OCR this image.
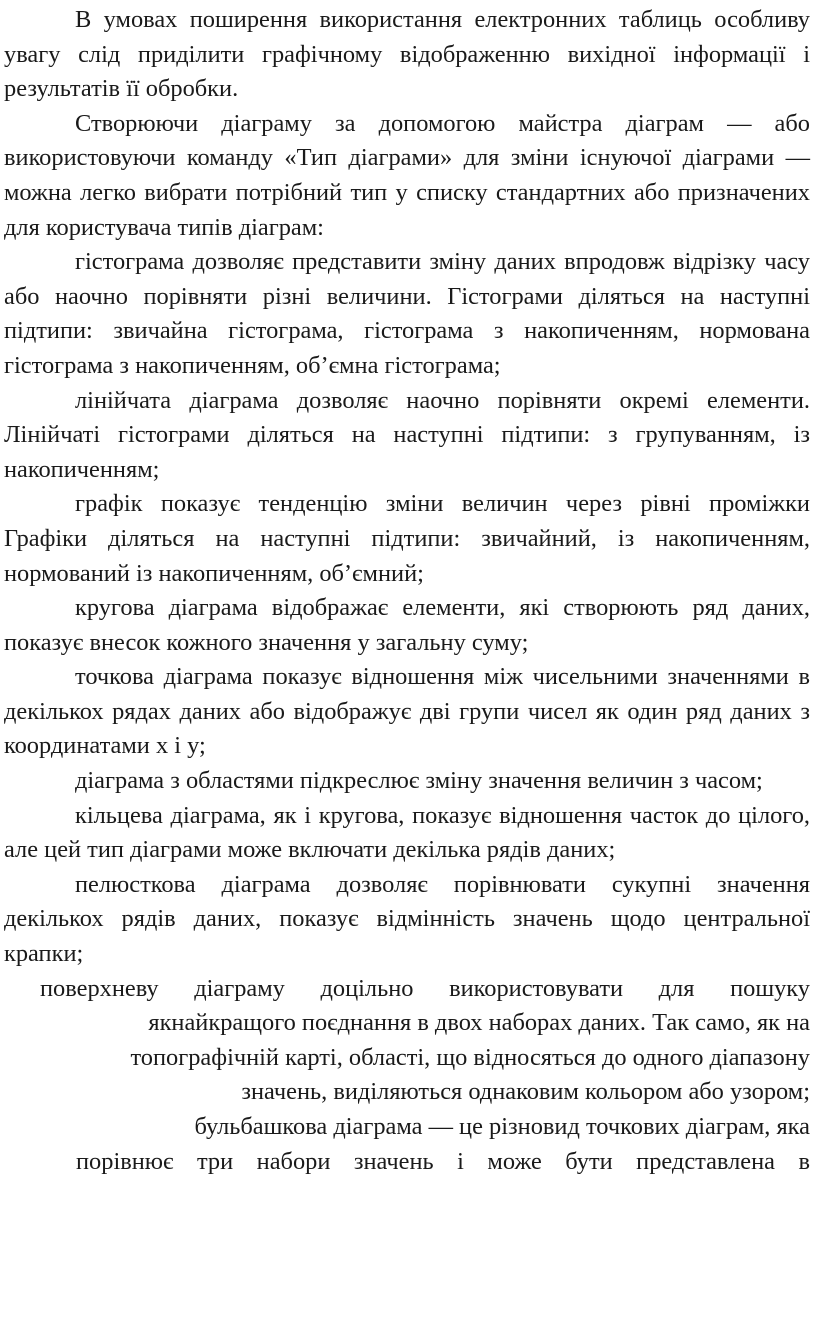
В умовах поширення використання електронних таблиць особливу увагу слід приділити графічному відображенню вихідної інформації і результатів її обробки.

Створюючи діаграму за допомогою майстра діаграм — або використовуючи команду «Тип діаграми» для зміни існуючої діаграми — можна легко вибрати потрібний тип у списку стандартних або призначених для користувача типів діаграм:

гістограма дозволяє представити зміну даних впродовж відрізку часу або наочно порівняти різні величини. Гістограми діляться на наступні підтипи: звичайна гістограма, гістограма з накопиченням, нормована гістограма з накопиченням, об’ємна гістограма;

лінійчата діаграма дозволяє наочно порівняти окремі елементи. Лінійчаті гістограми діляться на наступні підтипи: з групуванням, із накопиченням;

графік показує тенденцію зміни величин через рівні проміжки Графіки діляться на наступні підтипи: звичайний, із накопиченням, нормований із накопиченням, об’ємний;

кругова діаграма відображає елементи, які створюють ряд даних, показує внесок кожного значення у загальну суму;

точкова діаграма показує відношення між чисельними значеннями в декількох рядах даних або відображує дві групи чисел як один ряд даних з координатами х і у;

діаграма з областями підкреслює зміну значення величин з часом;

кільцева діаграма, як і кругова, показує відношення часток до цілого, але цей тип діаграми може включати декілька рядів даних;

пелюсткова діаграма дозволяє порівнювати сукупні значення декількох рядів даних, показує відмінність значень щодо центральної крапки;

поверхневу діаграму доцільно використовувати для пошуку

якнайкращого поєднання в двох наборах даних. Так само, як на

топографічній карті, області, що відносяться до одного діапазону

значень, виділяються однаковим кольором або узором;

бульбашкова діаграма — це різновид точкових діаграм, яка

порівнює три набори значень і може бути представлена в
